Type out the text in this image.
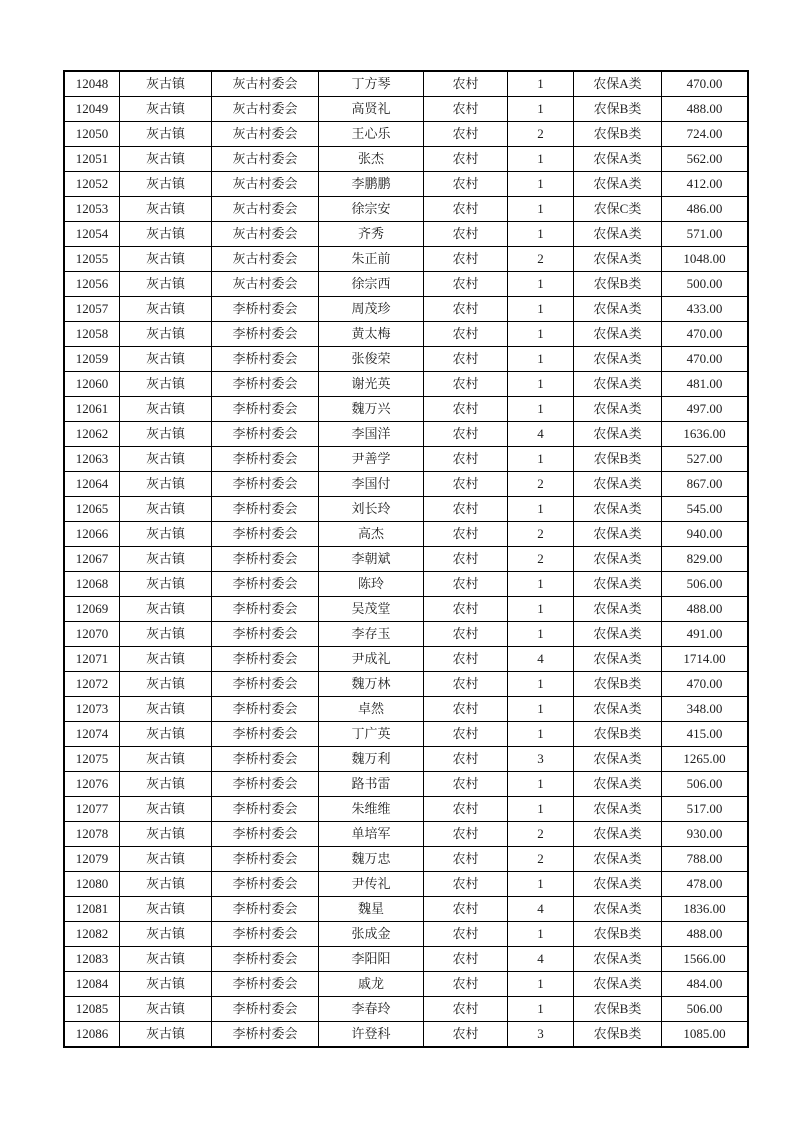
12048	灰古镇	灰古村委会	丁方琴	农村	1	农保A类	470.00
12049	灰古镇	灰古村委会	高贤礼	农村	1	农保B类	488.00
12050	灰古镇	灰古村委会	王心乐	农村	2	农保B类	724.00
12051	灰古镇	灰古村委会	张杰	农村	1	农保A类	562.00
12052	灰古镇	灰古村委会	李鹏鹏	农村	1	农保A类	412.00
12053	灰古镇	灰古村委会	徐宗安	农村	1	农保C类	486.00
12054	灰古镇	灰古村委会	齐秀	农村	1	农保A类	571.00
12055	灰古镇	灰古村委会	朱正前	农村	2	农保A类	1048.00
12056	灰古镇	灰古村委会	徐宗西	农村	1	农保B类	500.00
12057	灰古镇	李桥村委会	周茂珍	农村	1	农保A类	433.00
12058	灰古镇	李桥村委会	黄太梅	农村	1	农保A类	470.00
12059	灰古镇	李桥村委会	张俊荣	农村	1	农保A类	470.00
12060	灰古镇	李桥村委会	谢光英	农村	1	农保A类	481.00
12061	灰古镇	李桥村委会	魏万兴	农村	1	农保A类	497.00
12062	灰古镇	李桥村委会	李国洋	农村	4	农保A类	1636.00
12063	灰古镇	李桥村委会	尹善学	农村	1	农保B类	527.00
12064	灰古镇	李桥村委会	李国付	农村	2	农保A类	867.00
12065	灰古镇	李桥村委会	刘长玲	农村	1	农保A类	545.00
12066	灰古镇	李桥村委会	高杰	农村	2	农保A类	940.00
12067	灰古镇	李桥村委会	李朝斌	农村	2	农保A类	829.00
12068	灰古镇	李桥村委会	陈玲	农村	1	农保A类	506.00
12069	灰古镇	李桥村委会	吴茂堂	农村	1	农保A类	488.00
12070	灰古镇	李桥村委会	李存玉	农村	1	农保A类	491.00
12071	灰古镇	李桥村委会	尹成礼	农村	4	农保A类	1714.00
12072	灰古镇	李桥村委会	魏万林	农村	1	农保B类	470.00
12073	灰古镇	李桥村委会	卓然	农村	1	农保A类	348.00
12074	灰古镇	李桥村委会	丁广英	农村	1	农保B类	415.00
12075	灰古镇	李桥村委会	魏万利	农村	3	农保A类	1265.00
12076	灰古镇	李桥村委会	路书雷	农村	1	农保A类	506.00
12077	灰古镇	李桥村委会	朱维维	农村	1	农保A类	517.00
12078	灰古镇	李桥村委会	单培军	农村	2	农保A类	930.00
12079	灰古镇	李桥村委会	魏万忠	农村	2	农保A类	788.00
12080	灰古镇	李桥村委会	尹传礼	农村	1	农保A类	478.00
12081	灰古镇	李桥村委会	魏星	农村	4	农保A类	1836.00
12082	灰古镇	李桥村委会	张成金	农村	1	农保B类	488.00
12083	灰古镇	李桥村委会	李阳阳	农村	4	农保A类	1566.00
12084	灰古镇	李桥村委会	戚龙	农村	1	农保A类	484.00
12085	灰古镇	李桥村委会	李春玲	农村	1	农保B类	506.00
12086	灰古镇	李桥村委会	许登科	农村	3	农保B类	1085.00
